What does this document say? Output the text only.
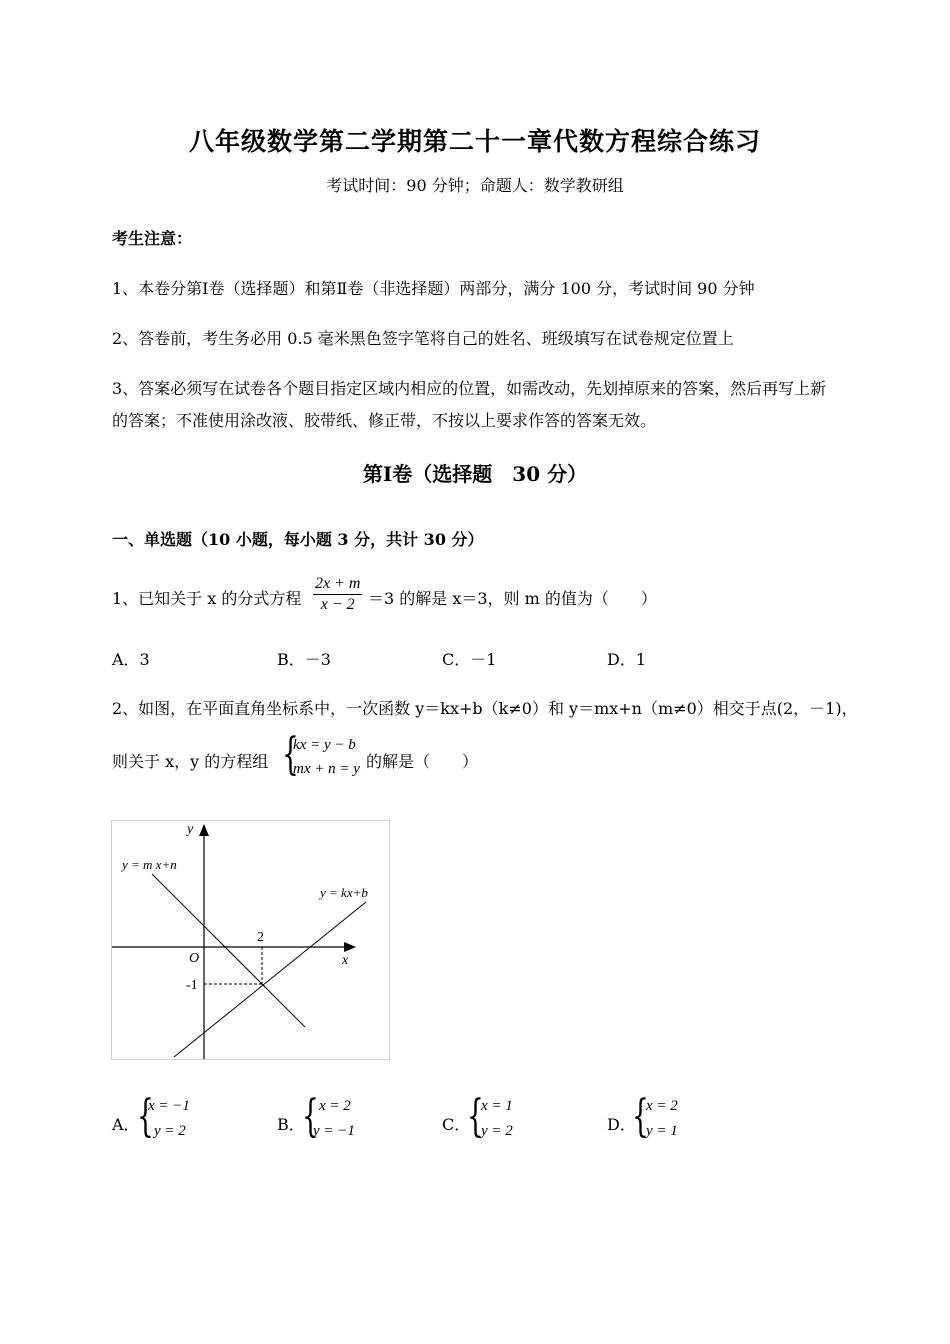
八年级数学第二学期第二十一章代数方程综合练习
考试时间：90 分钟；命题人：数学教研组
考生注意：
1、本卷分第Ⅰ卷（选择题）和第Ⅱ卷（非选择题）两部分，满分 100 分，考试时间 90 分钟
2、答卷前，考生务必用 0.5 毫米黑色签字笔将自己的姓名、班级填写在试卷规定位置上
3、答案必须写在试卷各个题目指定区域内相应的位置，如需改动，先划掉原来的答案，然后再写上新
的答案；不准使用涂改液、胶带纸、修正带，不按以上要求作答的答案无效。
第Ⅰ卷（选择题　30 分）
一、单选题（10 小题，每小题 3 分，共计 30 分）
1、已知关于 x 的分式方程 $\frac{2x + m}{x - 2} =3$ 的解是 x＝3，则 m 的值为（　　）
A．3	B．－3	C．－1	D．1
2、如图，在平面直角坐标系中，一次函数 y＝kx+b（k≠0）和 y＝mx+n（m≠0）相交于点(2，－1)，
则关于 x，y 的方程组 {
kx = y − b
mx + n = y 的解是（　　）
y = m x+n
y = kx+b
x
y
O
2
-1
A．
{
x = −1
y = 2	B．
{ x = 2
y = −1	C．
{
x = 1
y = 2	D．
{
x = 2
y = 1
